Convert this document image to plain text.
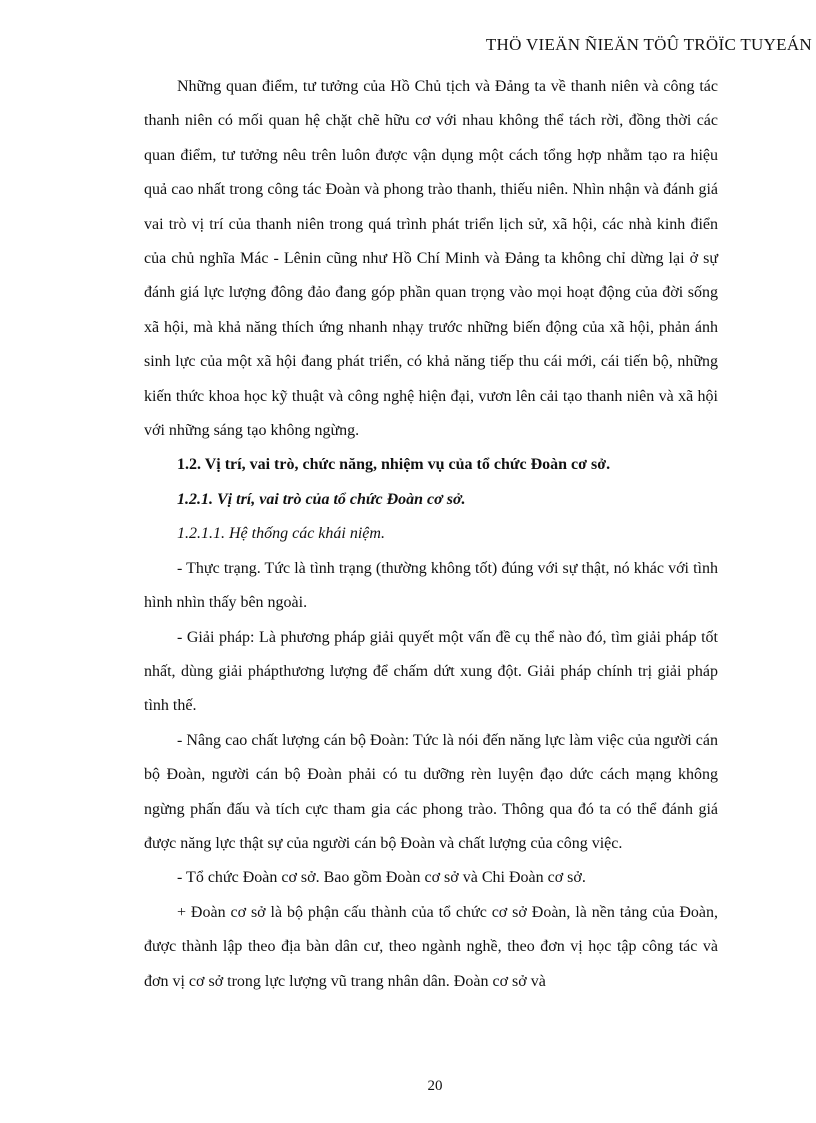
THÖ VIEÄN ÑIEÄN TÖÛ TRÖÏC TUYEÁN

Những quan điểm, tư tưởng của Hồ Chủ tịch và Đảng ta về thanh niên và công tác thanh niên có mối quan hệ chặt chẽ hữu cơ với nhau không thể tách rời, đồng thời các quan điểm, tư tưởng nêu trên luôn được vận dụng một cách tổng hợp nhằm tạo ra hiệu quả cao nhất trong công tác Đoàn và phong trào thanh, thiếu niên. Nhìn nhận và đánh giá vai trò vị trí của thanh niên trong quá trình phát triển lịch sử, xã hội, các nhà kinh điển của chủ nghĩa Mác - Lênin cũng như Hồ Chí Minh và Đảng ta không chỉ dừng lại ở sự đánh giá lực lượng đông đảo đang góp phần quan trọng vào mọi hoạt động của đời sống xã hội, mà khả năng thích ứng nhanh nhạy trước những biến động của xã hội, phản ánh sinh lực của một xã hội đang phát triển, có khả năng tiếp thu cái mới, cái tiến bộ, những kiến thức khoa học kỹ thuật và công nghệ hiện đại, vươn lên cải tạo thanh niên và xã hội với những sáng tạo không ngừng.

1.2. Vị trí, vai trò, chức năng, nhiệm vụ của tổ chức Đoàn cơ sở.

1.2.1. Vị trí, vai trò của tổ chức Đoàn cơ sở.

1.2.1.1. Hệ thống các khái niệm.

- Thực trạng. Tức là tình trạng (thường không tốt) đúng với sự thật, nó khác với tình hình nhìn thấy bên ngoài.

- Giải pháp: Là phương pháp giải quyết một vấn đề cụ thể nào đó, tìm giải pháp tốt nhất, dùng giải phápthương lượng để chấm dứt xung đột. Giải pháp chính trị giải pháp tình thế.

- Nâng cao chất lượng cán bộ Đoàn: Tức là nói đến năng lực làm việc của người cán bộ Đoàn, người cán bộ Đoàn phải có tu dưỡng rèn luyện đạo dức cách mạng không ngừng phấn đấu và tích cực tham gia các phong trào. Thông qua đó ta có thể đánh giá được năng lực thật sự của người cán bộ Đoàn và chất lượng của công việc.

- Tổ chức Đoàn cơ sở. Bao gồm Đoàn cơ sở và Chi Đoàn cơ sở.

+ Đoàn cơ sở là bộ phận cấu thành của tổ chức cơ sở Đoàn, là nền tảng của Đoàn, được thành lập theo địa bàn dân cư, theo ngành nghề, theo đơn vị học tập công tác và đơn vị cơ sở trong lực lượng vũ trang nhân dân. Đoàn cơ sở và

20
